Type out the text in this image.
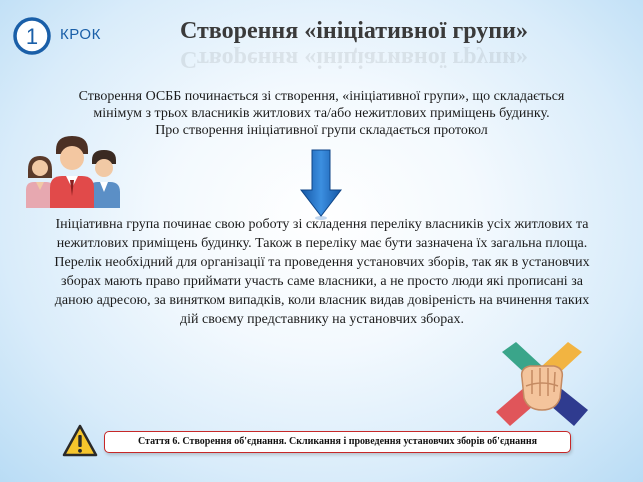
1 КРОК	Створення «ініціативної групи»
Створення «ініціативної групи»

Створення ОСББ починається зі створення, «ініціативної групи», що складається

мінімум з трьох власників житлових та/або нежитлових приміщень будинку.

Про створення ініціативної групи складається протокол

Ініціативна група починає свою роботу зі складення переліку власників усіх житлових та нежитлових приміщень будинку. Також в переліку має бути зазначена їх загальна площа. Перелік необхідний для організації та проведення установчих зборів, так як в установчих зборах мають право приймати участь саме власники, а не просто люди які прописані за даною адресою, за винятком випадків, коли власник видав довіреність на вчинення таких дій своєму представнику на установчих зборах.

Стаття 6. Створення об'єднання. Скликання і проведення установчих зборів об'єднання
